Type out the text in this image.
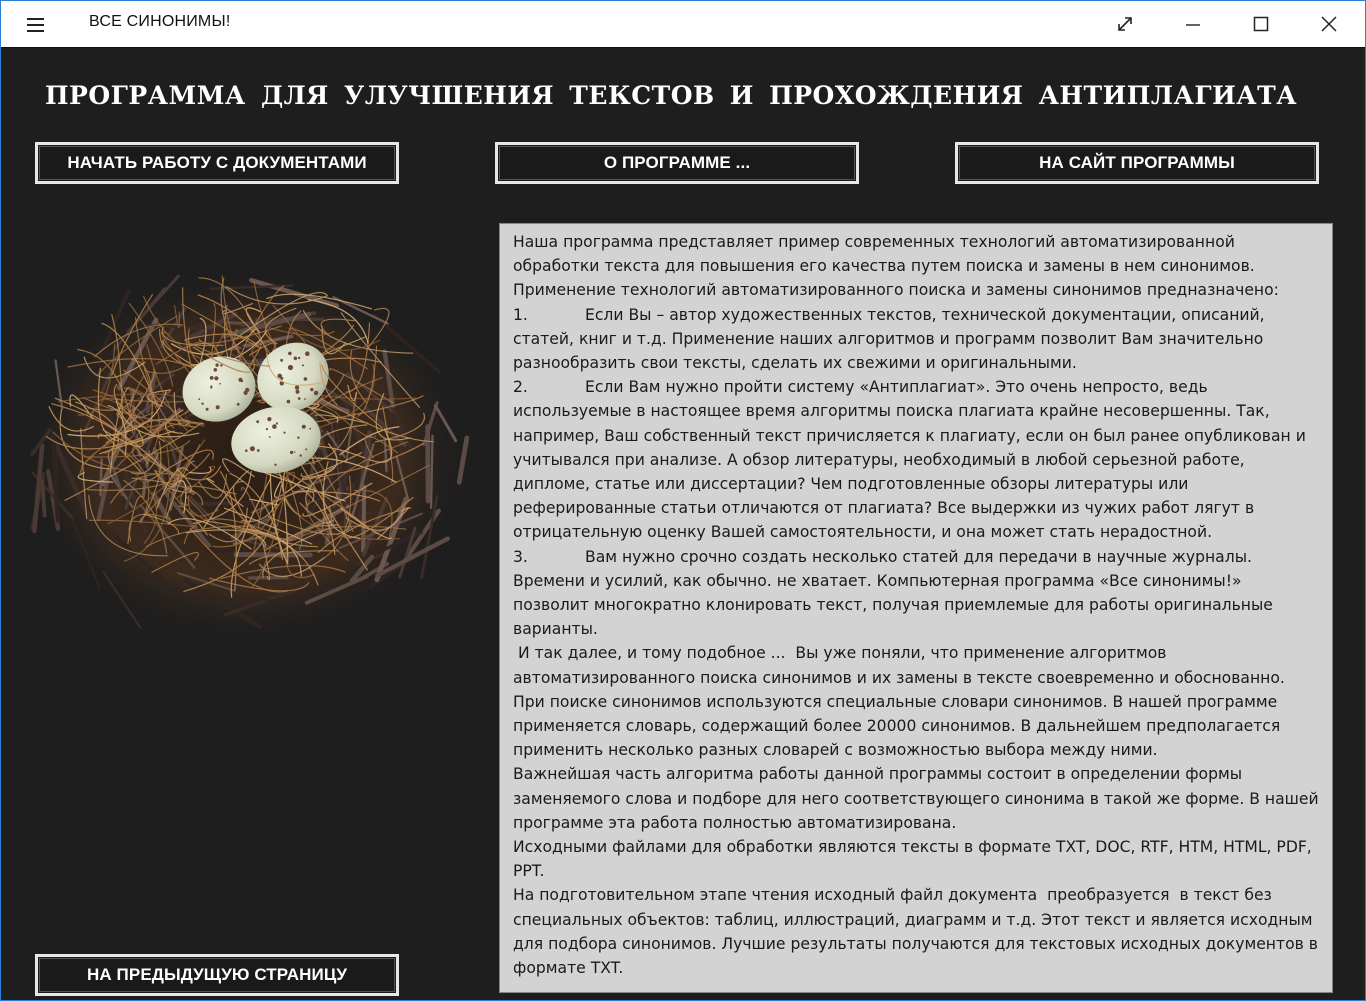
ВСЕ СИНОНИМЫ!
ПРОГРАММА ДЛЯ УЛУЧШЕНИЯ ТЕКСТОВ И ПРОХОЖДЕНИЯ АНТИПЛАГИАТА
НАЧАТЬ РАБОТУ С ДОКУМЕНТАМИ	О ПРОГРАММЕ ...	НА САЙТ ПРОГРАММЫ
НА ПРЕДЫДУЩУЮ СТРАНИЦУ

Наша программа представляет пример современных технологий автоматизированной обработки текста для повышения его качества путем поиска и замены в нем синонимов.

Применение технологий автоматизированного поиска и замены синонимов предназначено:

1.	Если Вы – автор художественных текстов, технической документации, описаний, статей, книг и т.д. Применение наших алгоритмов и программ позволит Вам значительно разнообразить свои тексты, сделать их свежими и оригинальными.

2.	Если Вам нужно пройти систему «Антиплагиат». Это очень непросто, ведь используемые в настоящее время алгоритмы поиска плагиата крайне несовершенны. Так, например, Ваш собственный текст причисляется к плагиату, если он был ранее опубликован и учитывался при анализе. А обзор литературы, необходимый в любой серьезной работе, дипломе, статье или диссертации? Чем подготовленные обзоры литературы или реферированные статьи отличаются от плагиата? Все выдержки из чужих работ лягут в отрицательную оценку Вашей самостоятельности, и она может стать нерадостной.

3.	Вам нужно срочно создать несколько статей для передачи в научные журналы. Времени и усилий, как обычно. не хватает. Компьютерная программа «Все синонимы!» позволит многократно клонировать текст, получая приемлемые для работы оригинальные варианты.

И так далее, и тому подобное ...  Вы уже поняли, что применение алгоритмов автоматизированного поиска синонимов и их замены в тексте своевременно и обоснованно.

При поиске синонимов используются специальные словари синонимов. В нашей программе применяется словарь, содержащий более 20000 синонимов. В дальнейшем предполагается применить несколько разных словарей с возможностью выбора между ними.

Важнейшая часть алгоритма работы данной программы состоит в определении формы заменяемого слова и подборе для него соответствующего синонима в такой же форме. В нашей программе эта работа полностью автоматизирована.

Исходными файлами для обработки являются тексты в формате TXT, DOC, RTF, HTM, HTML, PDF, PPT.

На подготовительном этапе чтения исходный файл документа  преобразуется  в текст без специальных объектов: таблиц, иллюстраций, диаграмм и т.д. Этот текст и является исходным для подбора синонимов. Лучшие результаты получаются для текстовых исходных документов в формате TXT.
